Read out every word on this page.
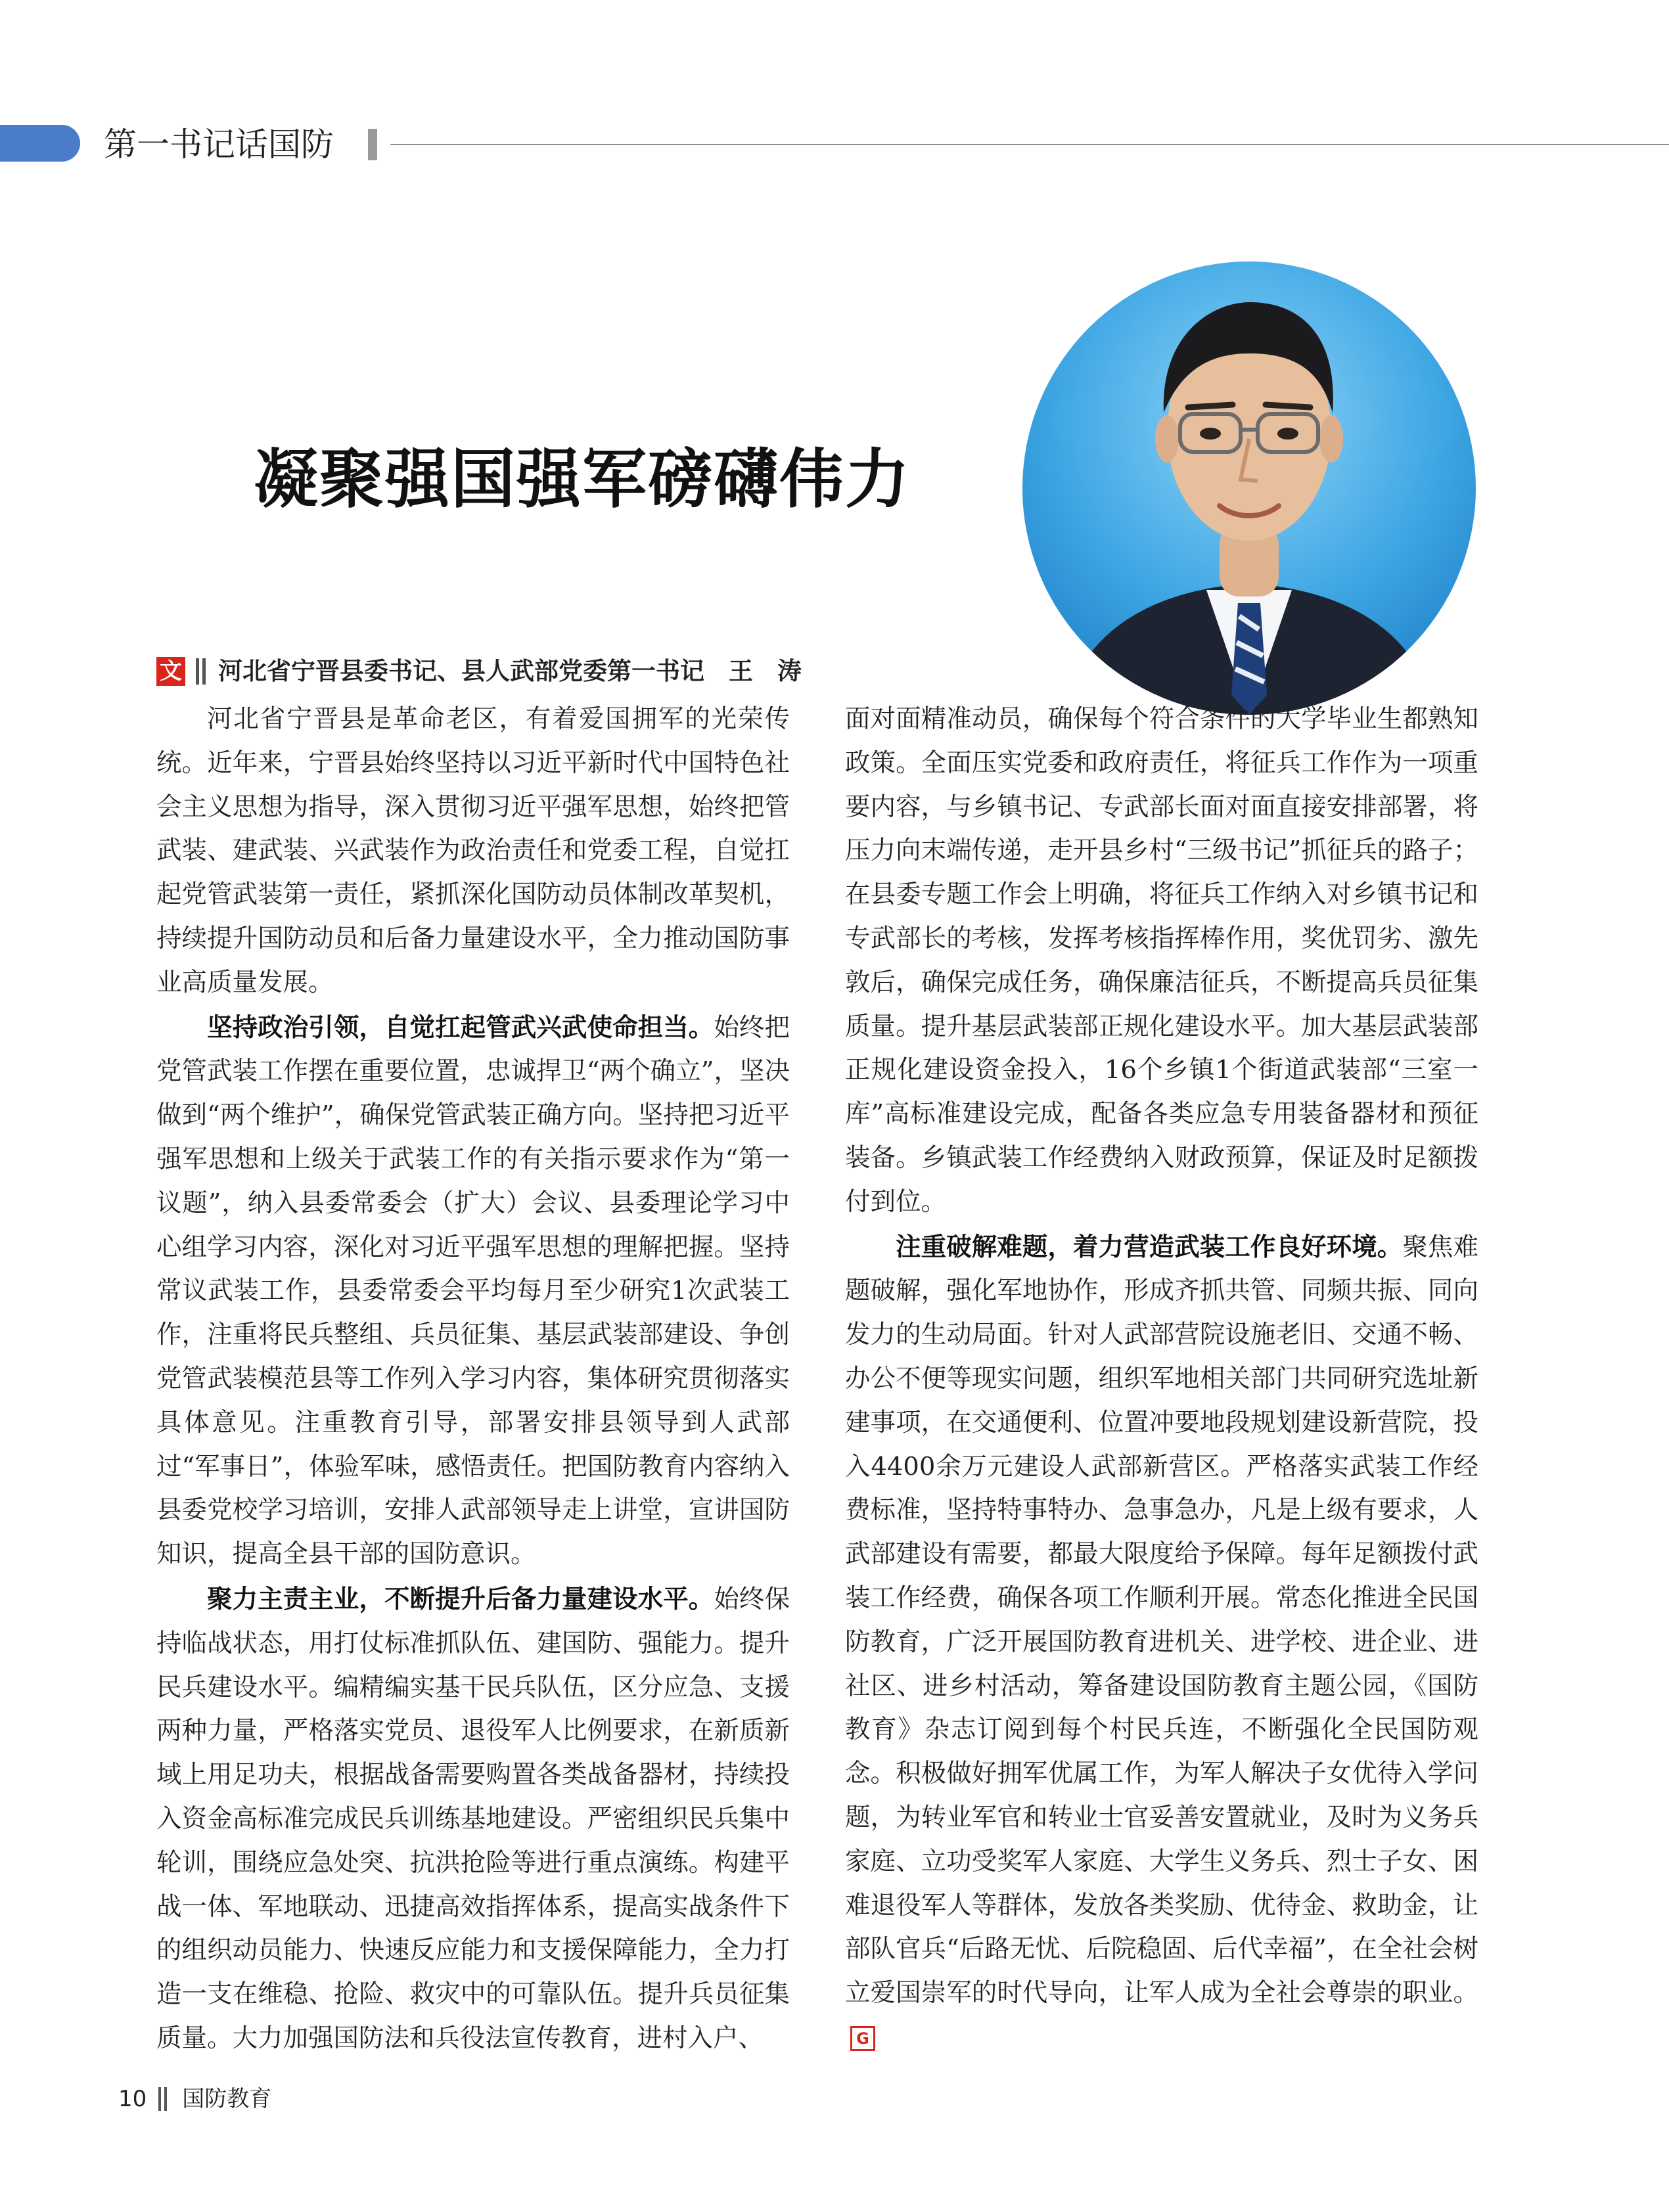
第一书记话国防
凝聚强国强军磅礴伟力
文 河北省宁晋县委书记、县人武部党委第一书记　王　涛

河北省宁晋县是革命老区，有着爱国拥军的光荣传统。近年来，宁晋县始终坚持以习近平新时代中国特色社会主义思想为指导，深入贯彻习近平强军思想，始终把管武装、建武装、兴武装作为政治责任和党委工程，自觉扛起党管武装第一责任，紧抓深化国防动员体制改革契机，持续提升国防动员和后备力量建设水平，全力推动国防事业高质量发展。

坚持政治引领，自觉扛起管武兴武使命担当。始终把党管武装工作摆在重要位置，忠诚捍卫“两个确立”，坚决做到“两个维护”，确保党管武装正确方向。坚持把习近平强军思想和上级关于武装工作的有关指示要求作为“第一议题”，纳入县委常委会（扩大）会议、县委理论学习中心组学习内容，深化对习近平强军思想的理解把握。坚持常议武装工作，县委常委会平均每月至少研究1次武装工作，注重将民兵整组、兵员征集、基层武装部建设、争创党管武装模范县等工作列入学习内容，集体研究贯彻落实具体意见。注重教育引导，部署安排县领导到人武部过“军事日”，体验军味，感悟责任。把国防教育内容纳入县委党校学习培训，安排人武部领导走上讲堂，宣讲国防知识，提高全县干部的国防意识。

聚力主责主业，不断提升后备力量建设水平。始终保持临战状态，用打仗标准抓队伍、建国防、强能力。提升民兵建设水平。编精编实基干民兵队伍，区分应急、支援两种力量，严格落实党员、退役军人比例要求，在新质新域上用足功夫，根据战备需要购置各类战备器材，持续投入资金高标准完成民兵训练基地建设。严密组织民兵集中轮训，围绕应急处突、抗洪抢险等进行重点演练。构建平战一体、军地联动、迅捷高效指挥体系，提高实战条件下的组织动员能力、快速反应能力和支援保障能力，全力打造一支在维稳、抢险、救灾中的可靠队伍。提升兵员征集质量。大力加强国防法和兵役法宣传教育，进村入户、

面对面精准动员，确保每个符合条件的大学毕业生都熟知政策。全面压实党委和政府责任，将征兵工作作为一项重要内容，与乡镇书记、专武部长面对面直接安排部署，将压力向末端传递，走开县乡村“三级书记”抓征兵的路子；在县委专题工作会上明确，将征兵工作纳入对乡镇书记和专武部长的考核，发挥考核指挥棒作用，奖优罚劣、激先敦后，确保完成任务，确保廉洁征兵，不断提高兵员征集质量。提升基层武装部正规化建设水平。加大基层武装部正规化建设资金投入，16个乡镇1个街道武装部“三室一库”高标准建设完成，配备各类应急专用装备器材和预征装备。乡镇武装工作经费纳入财政预算，保证及时足额拨付到位。

注重破解难题，着力营造武装工作良好环境。聚焦难题破解，强化军地协作，形成齐抓共管、同频共振、同向发力的生动局面。针对人武部营院设施老旧、交通不畅、办公不便等现实问题，组织军地相关部门共同研究选址新建事项，在交通便利、位置冲要地段规划建设新营院，投入4400余万元建设人武部新营区。严格落实武装工作经费标准，坚持特事特办、急事急办，凡是上级有要求，人武部建设有需要，都最大限度给予保障。每年足额拨付武装工作经费，确保各项工作顺利开展。常态化推进全民国防教育，广泛开展国防教育进机关、进学校、进企业、进社区、进乡村活动，筹备建设国防教育主题公园，《国防教育》杂志订阅到每个村民兵连，不断强化全民国防观念。积极做好拥军优属工作，为军人解决子女优待入学问题，为转业军官和转业士官妥善安置就业，及时为义务兵家庭、立功受奖军人家庭、大学生义务兵、烈士子女、困难退役军人等群体，发放各类奖励、优待金、救助金，让部队官兵“后路无忧、后院稳固、后代幸福”，在全社会树立爱国崇军的时代导向，让军人成为全社会尊崇的职业。G

10 国防教育
